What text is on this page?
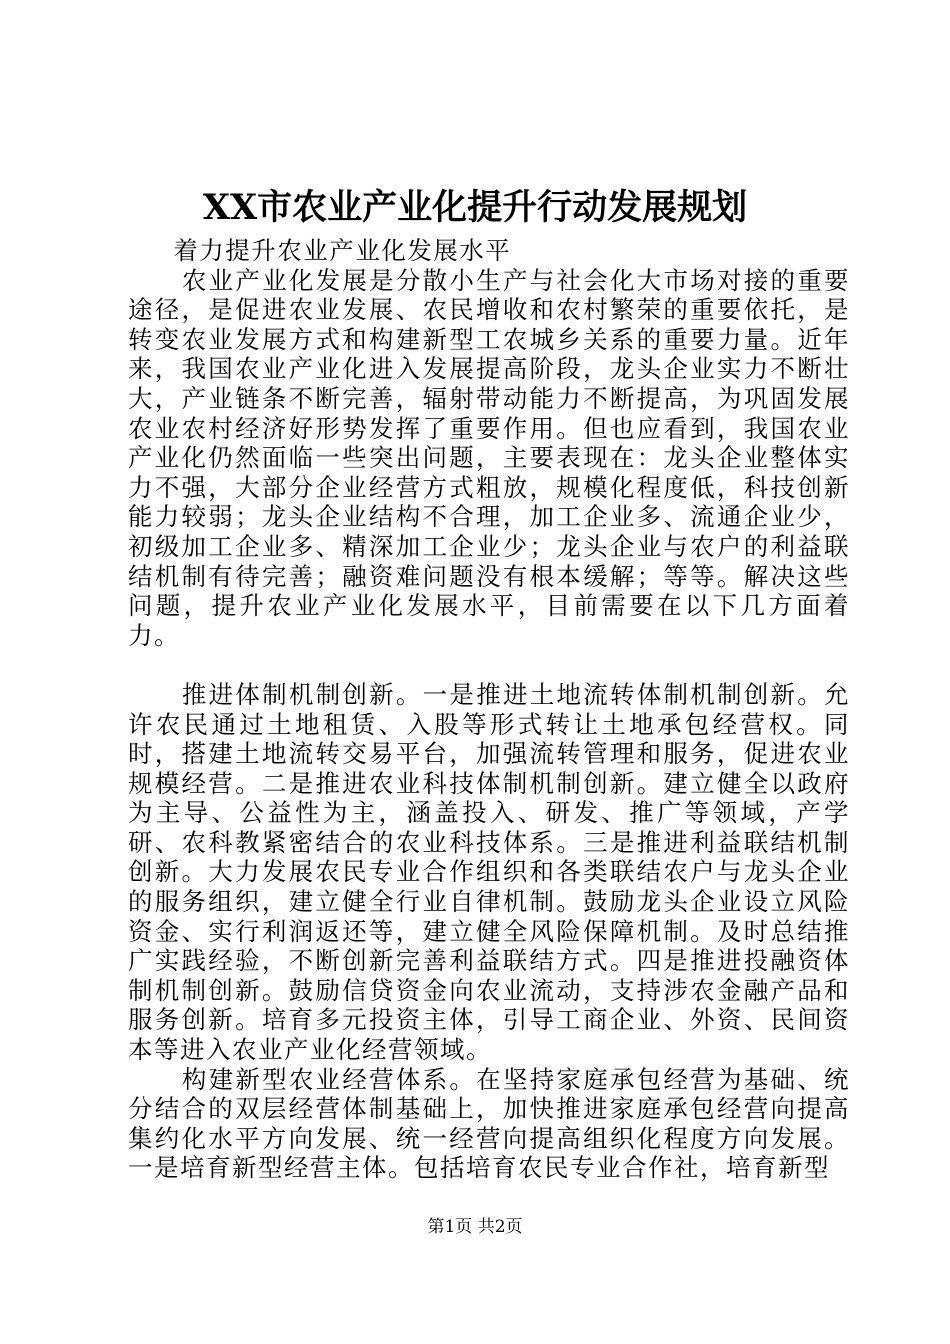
XX市农业产业化提升行动发展规划

着力提升农业产业化发展水平

农业产业化发展是分散小生产与社会化大市场对接的重要途径，是促进农业发展、农民增收和农村繁荣的重要依托，是转变农业发展方式和构建新型工农城乡关系的重要力量。近年来，我国农业产业化进入发展提高阶段，龙头企业实力不断壮大，产业链条不断完善，辐射带动能力不断提高，为巩固发展农业农村经济好形势发挥了重要作用。但也应看到，我国农业产业化仍然面临一些突出问题，主要表现在：龙头企业整体实力不强，大部分企业经营方式粗放，规模化程度低，科技创新能力较弱；龙头企业结构不合理，加工企业多、流通企业少，初级加工企业多、精深加工企业少；龙头企业与农户的利益联结机制有待完善；融资难问题没有根本缓解；等等。解决这些问题，提升农业产业化发展水平，目前需要在以下几方面着力。

推进体制机制创新。一是推进土地流转体制机制创新。允许农民通过土地租赁、入股等形式转让土地承包经营权。同时，搭建土地流转交易平台，加强流转管理和服务，促进农业规模经营。二是推进农业科技体制机制创新。建立健全以政府为主导、公益性为主，涵盖投入、研发、推广等领域，产学研、农科教紧密结合的农业科技体系。三是推进利益联结机制创新。大力发展农民专业合作组织和各类联结农户与龙头企业的服务组织，建立健全行业自律机制。鼓励龙头企业设立风险资金、实行利润返还等，建立健全风险保障机制。及时总结推广实践经验，不断创新完善利益联结方式。四是推进投融资体制机制创新。鼓励信贷资金向农业流动，支持涉农金融产品和服务创新。培育多元投资主体，引导工商企业、外资、民间资本等进入农业产业化经营领域。

构建新型农业经营体系。在坚持家庭承包经营为基础、统分结合的双层经营体制基础上，加快推进家庭承包经营向提高集约化水平方向发展、统一经营向提高组织化程度方向发展。一是培育新型经营主体。包括培育农民专业合作社，培育新型

第1页 共2页
